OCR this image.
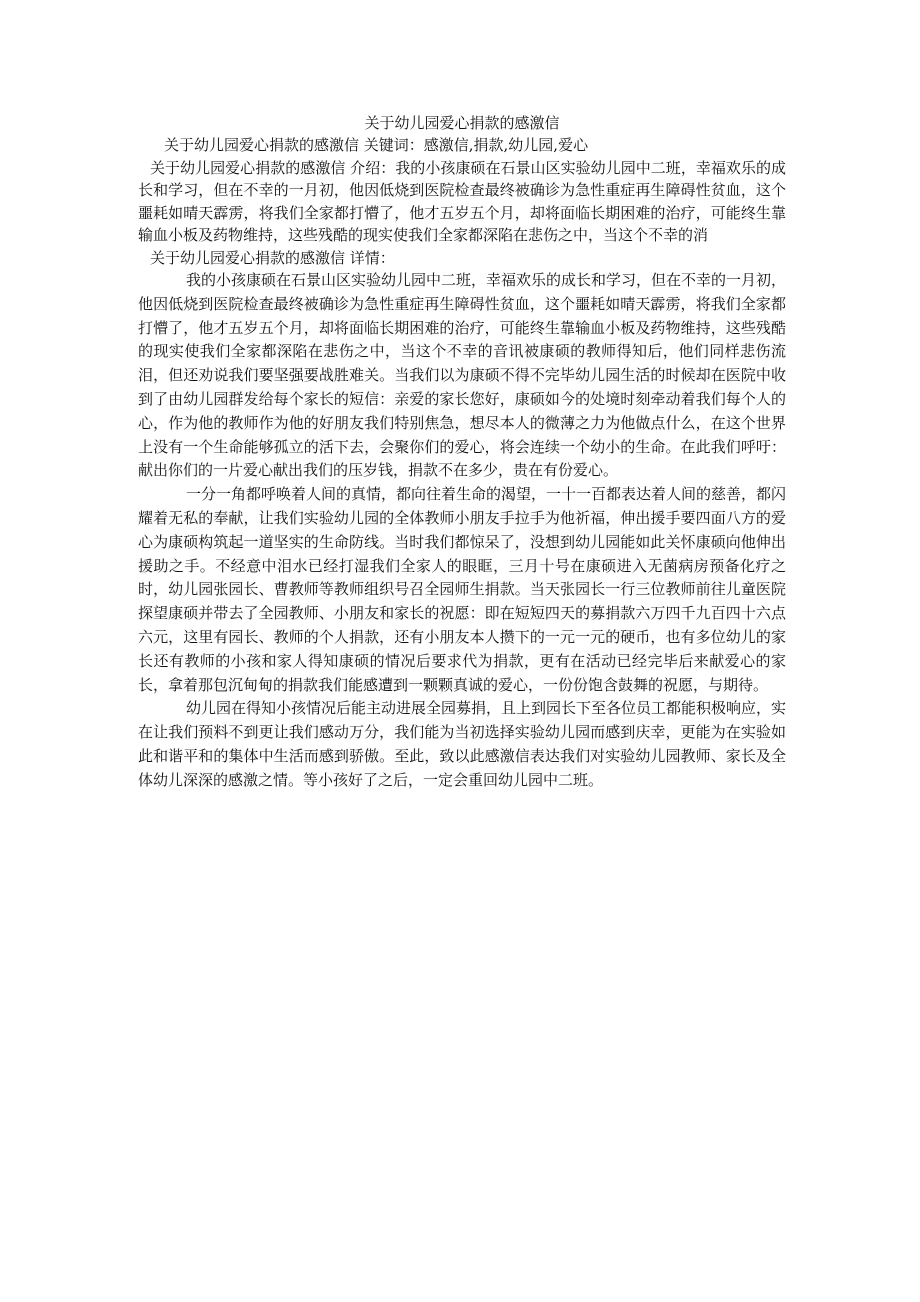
关于幼儿园爱心捐款的感激信

关于幼儿园爱心捐款的感激信 关键词：感激信,捐款,幼儿园,爱心

关于幼儿园爱心捐款的感激信 介绍：我的小孩康硕在石景山区实验幼儿园中二班，幸福欢乐的成长和学习，但在不幸的一月初，他因低烧到医院检查最终被确诊为急性重症再生障碍性贫血，这个噩耗如晴天霹雳，将我们全家都打懵了，他才五岁五个月，却将面临长期困难的治疗，可能终生靠输血小板及药物维持，这些残酷的现实使我们全家都深陷在悲伤之中，当这个不幸的消

关于幼儿园爱心捐款的感激信 详情：

我的小孩康硕在石景山区实验幼儿园中二班，幸福欢乐的成长和学习，但在不幸的一月初，他因低烧到医院检查最终被确诊为急性重症再生障碍性贫血，这个噩耗如晴天霹雳，将我们全家都打懵了，他才五岁五个月，却将面临长期困难的治疗，可能终生靠输血小板及药物维持，这些残酷的现实使我们全家都深陷在悲伤之中，当这个不幸的音讯被康硕的教师得知后，他们同样悲伤流泪，但还劝说我们要坚强要战胜难关。当我们以为康硕不得不完毕幼儿园生活的时候却在医院中收到了由幼儿园群发给每个家长的短信：亲爱的家长您好，康硕如今的处境时刻牵动着我们每个人的心，作为他的教师作为他的好朋友我们特别焦急，想尽本人的微薄之力为他做点什么，在这个世界上没有一个生命能够孤立的活下去，会聚你们的爱心，将会连续一个幼小的生命。在此我们呼吁：献出你们的一片爱心献出我们的压岁钱，捐款不在多少，贵在有份爱心。

一分一角都呼唤着人间的真情，都向往着生命的渴望，一十一百都表达着人间的慈善，都闪耀着无私的奉献，让我们实验幼儿园的全体教师小朋友手拉手为他祈福，伸出援手要四面八方的爱心为康硕构筑起一道坚实的生命防线。当时我们都惊呆了，没想到幼儿园能如此关怀康硕向他伸出援助之手。不经意中泪水已经打湿我们全家人的眼眶，三月十号在康硕进入无菌病房预备化疗之时，幼儿园张园长、曹教师等教师组织号召全园师生捐款。当天张园长一行三位教师前往儿童医院探望康硕并带去了全园教师、小朋友和家长的祝愿：即在短短四天的募捐款六万四千九百四十六点六元，这里有园长、教师的个人捐款，还有小朋友本人攒下的一元一元的硬币，也有多位幼儿的家长还有教师的小孩和家人得知康硕的情况后要求代为捐款，更有在活动已经完毕后来献爱心的家长，拿着那包沉甸甸的捐款我们能感遭到一颗颗真诚的爱心，一份份饱含鼓舞的祝愿，与期待。

幼儿园在得知小孩情况后能主动进展全园募捐，且上到园长下至各位员工都能积极响应，实在让我们预料不到更让我们感动万分，我们能为当初选择实验幼儿园而感到庆幸，更能为在实验如此和谐平和的集体中生活而感到骄傲。至此，致以此感激信表达我们对实验幼儿园教师、家长及全体幼儿深深的感激之情。等小孩好了之后，一定会重回幼儿园中二班。
